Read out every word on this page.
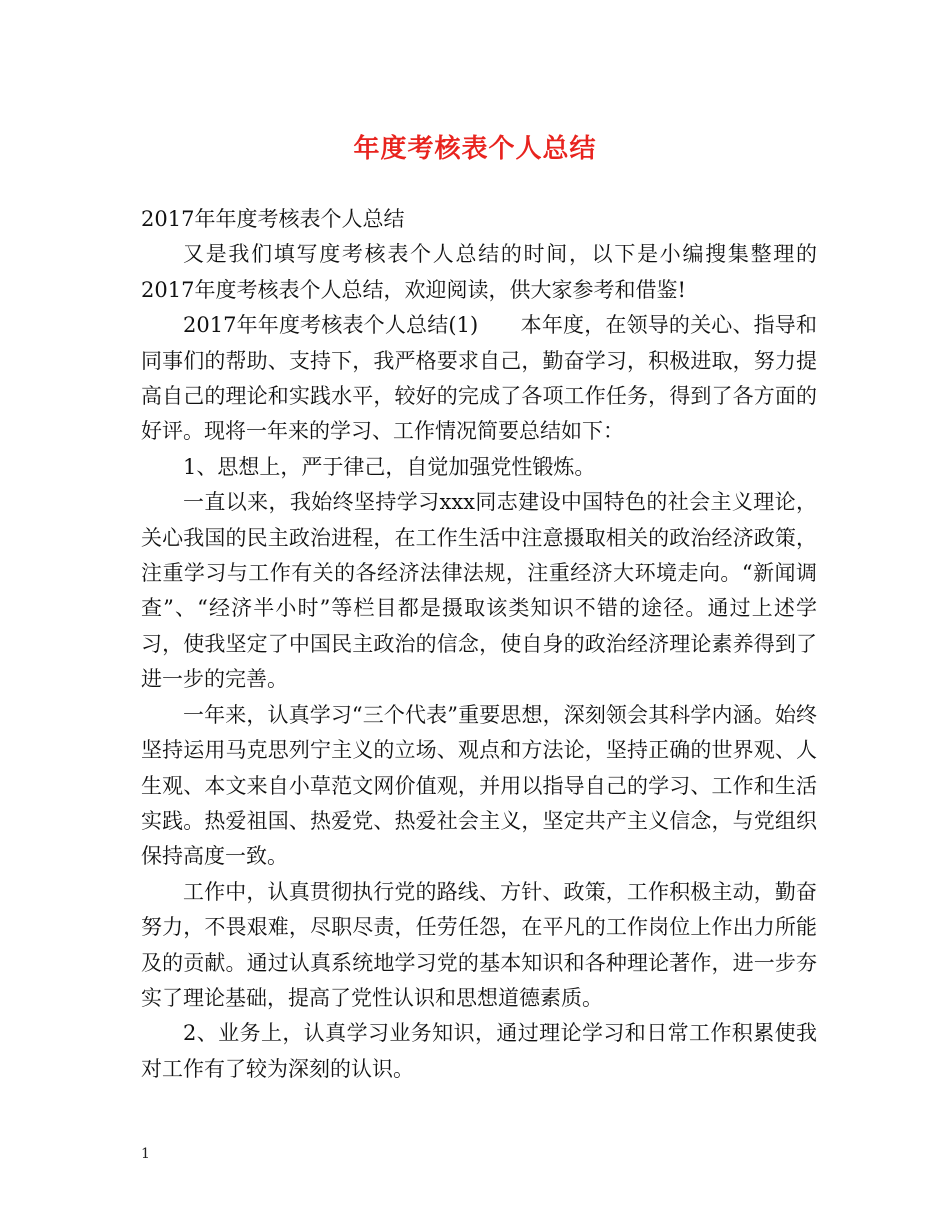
年度考核表个人总结

2017年年度考核表个人总结

又是我们填写度考核表个人总结的时间，以下是小编搜集整理的2017年度考核表个人总结，欢迎阅读，供大家参考和借鉴!

2017年年度考核表个人总结(1)　　本年度，在领导的关心、指导和同事们的帮助、支持下，我严格要求自己，勤奋学习，积极进取，努力提高自己的理论和实践水平，较好的完成了各项工作任务，得到了各方面的好评。现将一年来的学习、工作情况简要总结如下：

1、思想上，严于律己，自觉加强党性锻炼。

一直以来，我始终坚持学习xxx同志建设中国特色的社会主义理论，关心我国的民主政治进程，在工作生活中注意摄取相关的政治经济政策，注重学习与工作有关的各经济法律法规，注重经济大环境走向。“新闻调查”、“经济半小时”等栏目都是摄取该类知识不错的途径。通过上述学习，使我坚定了中国民主政治的信念，使自身的政治经济理论素养得到了进一步的完善。

一年来，认真学习“三个代表”重要思想，深刻领会其科学内涵。始终坚持运用马克思列宁主义的立场、观点和方法论，坚持正确的世界观、人生观、本文来自小草范文网价值观，并用以指导自己的学习、工作和生活实践。热爱祖国、热爱党、热爱社会主义，坚定共产主义信念，与党组织保持高度一致。

工作中，认真贯彻执行党的路线、方针、政策，工作积极主动，勤奋努力，不畏艰难，尽职尽责，任劳任怨，在平凡的工作岗位上作出力所能及的贡献。通过认真系统地学习党的基本知识和各种理论著作，进一步夯实了理论基础，提高了党性认识和思想道德素质。

2、业务上，认真学习业务知识，通过理论学习和日常工作积累使我对工作有了较为深刻的认识。

1
